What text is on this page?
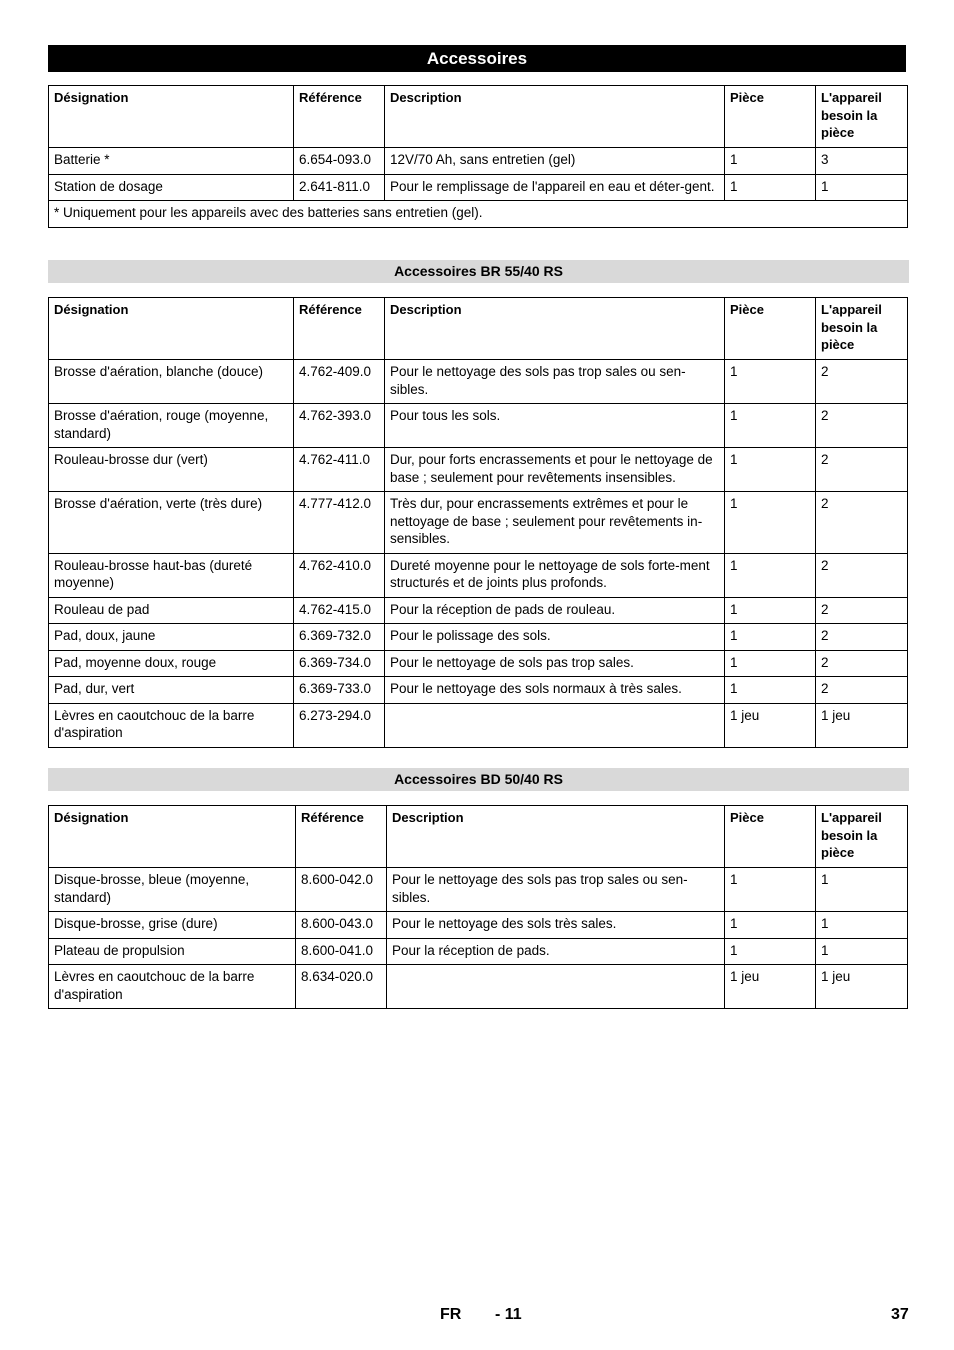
Accessoires
Désignation	Référence	Description	Pièce	L'appareil besoin la pièce
Batterie *	6.654-093.0	12V/70 Ah, sans entretien (gel)	1	3
Station de dosage	2.641-811.0	Pour le remplissage de l'appareil en eau et déter-gent.	1	1
* Uniquement pour les appareils avec des batteries sans entretien (gel).				
Accessoires BR 55/40 RS
Désignation	Référence	Description	Pièce	L'appareil besoin la pièce
Brosse d'aération, blanche (douce)	4.762-409.0	Pour le nettoyage des sols pas trop sales ou sen-sibles.	1	2
Brosse d'aération, rouge (moyenne, standard)	4.762-393.0	Pour tous les sols.	1	2
Rouleau-brosse dur (vert)	4.762-411.0	Dur, pour forts encrassements et pour le nettoyage de base ; seulement pour revêtements insensibles.	1	2
Brosse d'aération, verte (très dure)	4.777-412.0	Très dur, pour encrassements extrêmes et pour le nettoyage de base ; seulement pour revêtements in-sensibles.	1	2
Rouleau-brosse haut-bas (dureté moyenne)	4.762-410.0	Dureté moyenne pour le nettoyage de sols forte-ment structurés et de joints plus profonds.	1	2
Rouleau de pad	4.762-415.0	Pour la réception de pads de rouleau.	1	2
Pad, doux, jaune	6.369-732.0	Pour le polissage des sols.	1	2
Pad, moyenne doux, rouge	6.369-734.0	Pour le nettoyage de sols pas trop sales.	1	2
Pad, dur, vert	6.369-733.0	Pour le nettoyage des sols normaux à très sales.	1	2
Lèvres en caoutchouc de la barre d'aspiration	6.273-294.0		1 jeu	1 jeu
Accessoires BD 50/40 RS
Désignation	Référence	Description	Pièce	L'appareil besoin la pièce
Disque-brosse, bleue (moyenne, standard)	8.600-042.0	Pour le nettoyage des sols pas trop sales ou sen-sibles.	1	1
Disque-brosse, grise (dure)	8.600-043.0	Pour le nettoyage des sols très sales.	1	1
Plateau de propulsion	8.600-041.0	Pour la réception de pads.	1	1
Lèvres en caoutchouc de la barre d'aspiration	8.634-020.0		1 jeu	1 jeu
FR - 11	37
